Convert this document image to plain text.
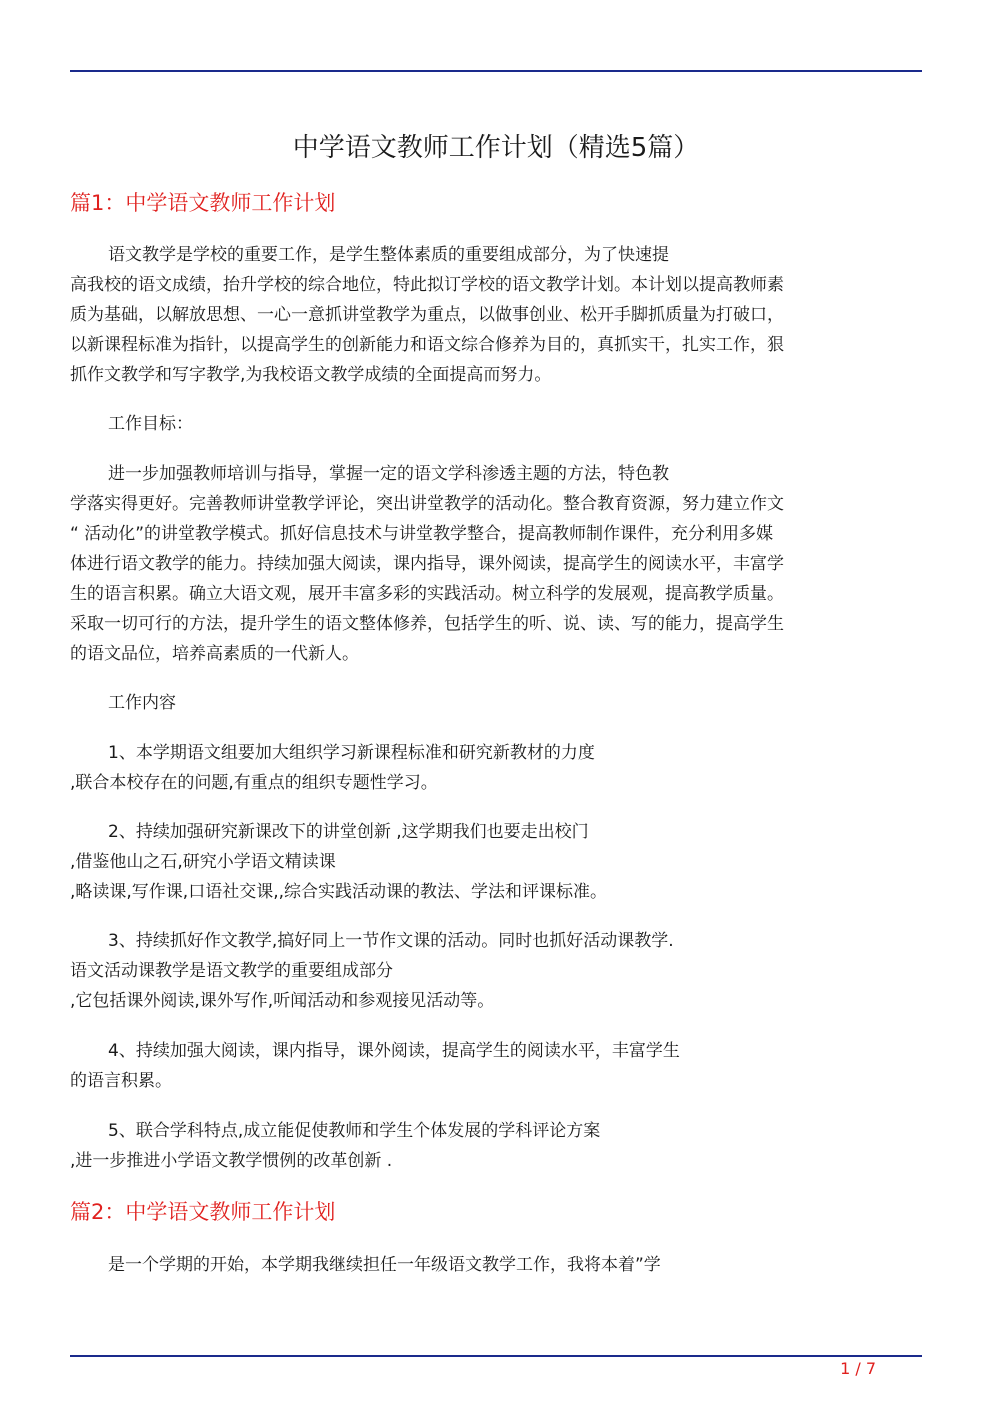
中学语文教师工作计划（精选5篇）
篇1：中学语文教师工作计划
语文教学是学校的重要工作，是学生整体素质的重要组成部分，为了快速提
高我校的语文成绩，抬升学校的综合地位，特此拟订学校的语文教学计划。本计划以提高教师素
质为基础，以解放思想、一心一意抓讲堂教学为重点，以做事创业、松开手脚抓质量为打破口，
以新课程标准为指针，以提高学生的创新能力和语文综合修养为目的，真抓实干，扎实工作，狠
抓作文教学和写字教学,为我校语文教学成绩的全面提高而努力。
工作目标：
进一步加强教师培训与指导，掌握一定的语文学科渗透主题的方法，特色教
学落实得更好。完善教师讲堂教学评论，突出讲堂教学的活动化。整合教育资源，努力建立作文
“ 活动化”的讲堂教学模式。抓好信息技术与讲堂教学整合，提高教师制作课件，充分利用多媒
体进行语文教学的能力。持续加强大阅读，课内指导，课外阅读，提高学生的阅读水平，丰富学
生的语言积累。确立大语文观，展开丰富多彩的实践活动。树立科学的发展观，提高教学质量。
采取一切可行的方法，提升学生的语文整体修养，包括学生的听、说、读、写的能力，提高学生
的语文品位，培养高素质的一代新人。
工作内容
1、本学期语文组要加大组织学习新课程标准和研究新教材的力度
,联合本校存在的问题,有重点的组织专题性学习。
2、持续加强研究新课改下的讲堂创新 ,这学期我们也要走出校门
,借鉴他山之石,研究小学语文精读课
,略读课,写作课,口语社交课,,综合实践活动课的教法、学法和评课标准。
3、持续抓好作文教学,搞好同上一节作文课的活动。同时也抓好活动课教学.
语文活动课教学是语文教学的重要组成部分
,它包括课外阅读,课外写作,听闻活动和参观接见活动等。
4、持续加强大阅读，课内指导，课外阅读，提高学生的阅读水平，丰富学生
的语言积累。
5、联合学科特点,成立能促使教师和学生个体发展的学科评论方案
,进一步推进小学语文教学惯例的改革创新 .
篇2：中学语文教师工作计划
是一个学期的开始，本学期我继续担任一年级语文教学工作，我将本着”学
1 / 7
